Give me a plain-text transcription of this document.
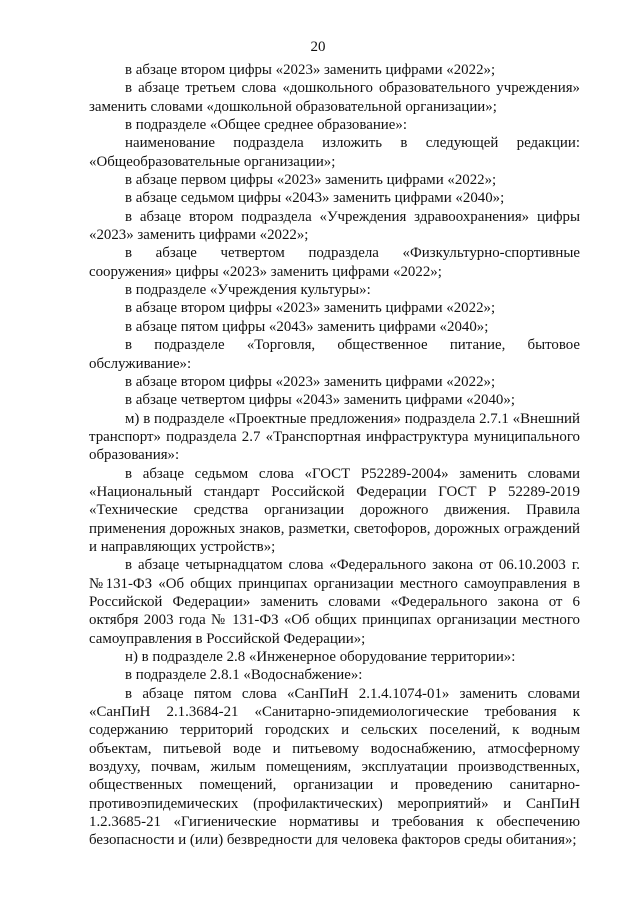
20

в абзаце втором цифры «2023» заменить цифрами «2022»;

в абзаце третьем слова «дошкольного образовательного учреждения» заменить словами «дошкольной образовательной организации»;

в подразделе «Общее среднее образование»:

наименование подраздела изложить в следующей редакции: «Общеобразовательные организации»;

в абзаце первом цифры «2023» заменить цифрами «2022»;

в абзаце седьмом цифры «2043» заменить цифрами «2040»;

в абзаце втором подраздела «Учреждения здравоохранения» цифры «2023» заменить цифрами «2022»;

в абзаце четвертом подраздела «Физкультурно-спортивные сооружения» цифры «2023» заменить цифрами «2022»;

в подразделе «Учреждения культуры»:

в абзаце втором цифры «2023» заменить цифрами «2022»;

в абзаце пятом цифры «2043» заменить цифрами «2040»;

в подразделе «Торговля, общественное питание, бытовое обслуживание»:

в абзаце втором цифры «2023» заменить цифрами «2022»;

в абзаце четвертом цифры «2043» заменить цифрами «2040»;

м) в подразделе «Проектные предложения» подраздела 2.7.1 «Внешний транспорт» подраздела 2.7 «Транспортная инфраструктура муниципального образования»:

в абзаце седьмом слова «ГОСТ Р52289-2004» заменить словами «Национальный стандарт Российской Федерации ГОСТ Р 52289-2019 «Технические средства организации дорожного движения. Правила применения дорожных знаков, разметки, светофоров, дорожных ограждений и направляющих устройств»;

в абзаце четырнадцатом слова «Федерального закона от 06.10.2003 г. №131-ФЗ «Об общих принципах организации местного самоуправления в Российской Федерации» заменить словами «Федерального закона от 6 октября 2003 года № 131-ФЗ «Об общих принципах организации местного самоуправления в Российской Федерации»;

н) в подразделе 2.8 «Инженерное оборудование территории»:

в подразделе 2.8.1 «Водоснабжение»:

в абзаце пятом слова «СанПиН 2.1.4.1074-01» заменить словами «СанПиН 2.1.3684-21 «Санитарно-эпидемиологические требования к содержанию территорий городских и сельских поселений, к водным объектам, питьевой воде и питьевому водоснабжению, атмосферному воздуху, почвам, жилым помещениям, эксплуатации производственных, общественных помещений, организации и проведению санитарно-противоэпидемических (профилактических) мероприятий» и СанПиН 1.2.3685-21 «Гигиенические нормативы и требования к обеспечению безопасности и (или) безвредности для человека факторов среды обитания»;
